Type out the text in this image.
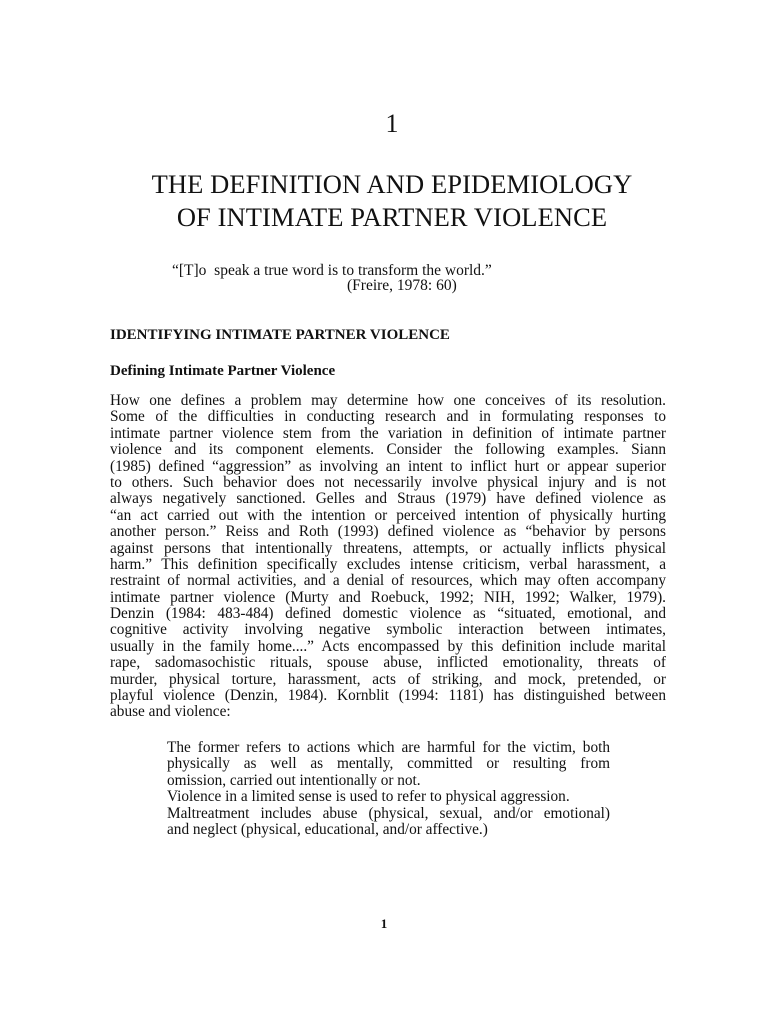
1
THE DEFINITION AND EPIDEMIOLOGY
OF INTIMATE PARTNER VIOLENCE
“[T]o  speak a true word is to transform the world.”
(Freire, 1978: 60)
IDENTIFYING INTIMATE PARTNER VIOLENCE
Defining Intimate Partner Violence
How one defines a problem may determine how one conceives of its resolution.
Some of the difficulties in conducting research and in formulating responses to
intimate partner violence stem from the variation in definition of intimate partner
violence and its component elements. Consider the following examples. Siann
(1985) defined “aggression” as involving an intent to inflict hurt or appear superior
to others. Such behavior does not necessarily involve physical injury and is not
always negatively sanctioned. Gelles and Straus (1979) have defined violence as
“an act carried out with the intention or perceived intention of physically hurting
another person.” Reiss and Roth (1993) defined violence as “behavior by persons
against persons that intentionally threatens, attempts, or actually inflicts physical
harm.” This definition specifically excludes intense criticism, verbal harassment, a
restraint of normal activities, and a denial of resources, which may often accompany
intimate partner violence (Murty and Roebuck, 1992; NIH, 1992; Walker, 1979).
Denzin (1984: 483-484) defined domestic violence as “situated, emotional, and
cognitive activity involving negative symbolic interaction between intimates,
usually in the family home....” Acts encompassed by this definition include marital
rape, sadomasochistic rituals, spouse abuse, inflicted emotionality, threats of
murder, physical torture, harassment, acts of striking, and mock, pretended, or
playful violence (Denzin, 1984). Kornblit (1994: 1181) has distinguished between
abuse and violence:
The former refers to actions which are harmful for the victim, both
physically as well as mentally, committed or resulting from
omission, carried out intentionally or not.
Violence in a limited sense is used to refer to physical aggression.
Maltreatment includes abuse (physical, sexual, and/or emotional)
and neglect (physical, educational, and/or affective.)
1
